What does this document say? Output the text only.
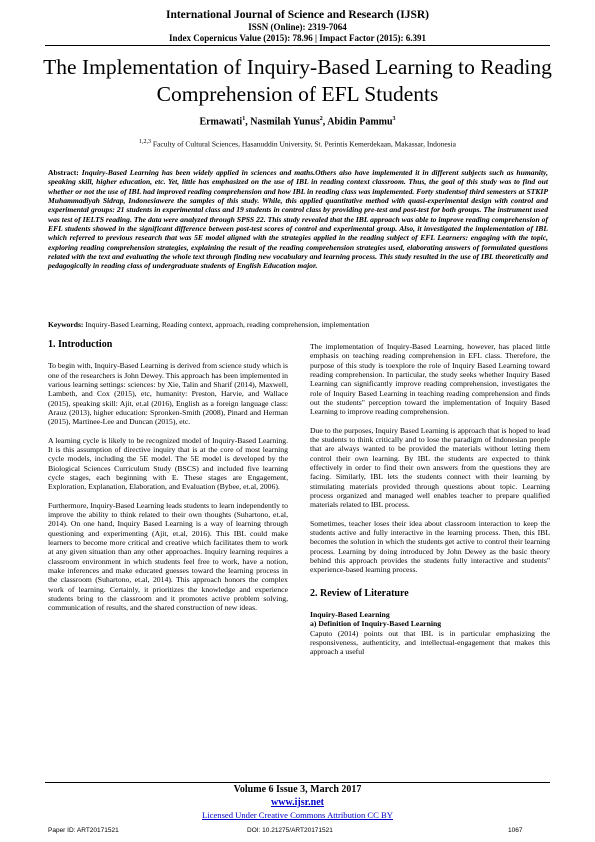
International Journal of Science and Research (IJSR)
ISSN (Online): 2319-7064
Index Copernicus Value (2015): 78.96 | Impact Factor (2015): 6.391
The Implementation of Inquiry-Based Learning to Reading Comprehension of EFL Students
Ermawati$^1$, Nasmilah Yunus$^2$, Abidin Pammu$^3$
$^{1,2,3}$ Faculty of Cultural Sciences, Hasanuddin University, St. Perintis Kemerdekaan, Makassar, Indonesia
Abstract: Inquiry-Based Learning has been widely applied in sciences and maths.Others also have implemented it in different subjects such as humanity, speaking skill, higher education, etc. Yet, little has emphasized on the use of IBL in reading context classroom. Thus, the goal of this study was to find out whether or not the use of IBL had improved reading comprehension and how IBL in reading class was implemented. Forty studentsof third semesters at STKIP Muhammadiyah Sidrap, Indonesiawere the samples of this study. While, this applied quantitative method with quasi-experimental design with control and experimental groups: 21 students in experimental class and 19 students in control class by providing pre-test and post-test for both groups. The instrument used was test of IELTS reading. The data were analyzed through SPSS 22. This study revealed that the IBL approach was able to improve reading comprehension of EFL students showed in the significant difference between post-test scores of control and experimental group. Also, it investigated the implementation of IBL which referred to previous research that was 5E model aligned with the strategies applied in the reading subject of EFL Learners: engaging with the topic, exploring reading comprehension strategies, explaining the result of the reading comprehension strategies used, elaborating answers of formulated questions related with the text and evaluating the whole text through finding new vocabulary and learning process. This study resulted in the use of IBL theoretically and pedagogically in reading class of undergraduate students of English Education major.
Keywords: Inquiry-Based Learning, Reading context, approach, reading comprehension, implementation
1. Introduction

To begin with, Inquiry-Based Learning is derived from science study which is one of the researchers is John Dewey. This approach has been implemented in various learning settings: sciences: by Xie, Talin and Sharif (2014), Maxwell, Lambeth, and Cox (2015), etc, humanity: Preston, Harvie, and Wallace (2015), speaking skill: Ajit, et.al (2016), English as a foreign language class: Arauz (2013), higher education: Spronken-Smith (2008), Pinard and Herman (2015), Martinee-Lee and Duncan (2015), etc.

A learning cycle is likely to be recognized model of Inquiry-Based Learning. It is this assumption of directive inquiry that is at the core of most learning cycle models, including the 5E model. The 5E model is developed by the Biological Sciences Curriculum Study (BSCS) and included five learning cycle stages, each beginning with E. These stages are Engagement, Exploration, Explanation, Elaboration, and Evaluation (Bybee, et.al, 2006).

Furthermore, Inquiry-Based Learning leads students to learn independently to improve the ability to think related to their own thoughts (Suhartono, et.al, 2014). On one hand, Inquiry Based Learning is a way of learning through questioning and experimenting (Ajit, et.al, 2016). This IBL could make learners to become more critical and creative which facilitates them to work at any given situation than any other approaches. Inquiry learning requires a classroom environment in which students feel free to work, have a notion, make inferences and make educated guesses toward the learning process in the classroom (Suhartono, et.al, 2014). This approach honors the complex work of learning. Certainly, it prioritizes the knowledge and experience students bring to the classroom and it promotes active problem solving, communication of results, and the shared construction of new ideas.

The implementation of Inquiry-Based Learning, however, has placed little emphasis on teaching reading comprehension in EFL class. Therefore, the purpose of this study is toexplore the role of Inquiry Based Learning toward reading comprehension. In particular, the study seeks whether Inquiry Based Learning can significantly improve reading comprehension, investigates the role of Inquiry Based Learning in teaching reading comprehension and finds out the students" perception toward the implementation of Inquiry Based Learning to improve reading comprehension.

Due to the purposes, Inquiry Based Learning is approach that is hoped to lead the students to think critically and to lose the paradigm of Indonesian people that are always wanted to be provided the materials without letting them control their own learning. By IBL the students are expected to think effectively in order to find their own answers from the questions they are facing. Similarly, IBL lets the students connect with their learning by stimulating materials provided through questions about topic. Learning process organized and managed well enables teacher to prepare qualified materials related to IBL process.

Sometimes, teacher loses their idea about classroom interaction to keep the students active and fully interactive in the learning process. Then, this IBL becomes the solution in which the students get active to control their learning process. Learning by doing introduced by John Dewey as the basic theory behind this approach provides the students fully interactive and students" experience-based learning process.

2. Review of Literature
Inquiry-Based Learning
a) Definition of Inquiry-Based Learning

Caputo (2014) points out that IBL is in particular emphasizing the responsiveness, authenticity, and intellectual-engagement that makes this approach a useful

Volume 6 Issue 3, March 2017
www.ijsr.net
Licensed Under Creative Commons Attribution CC BY
Paper ID: ART20171521	DOI: 10.21275/ART20171521	1067
